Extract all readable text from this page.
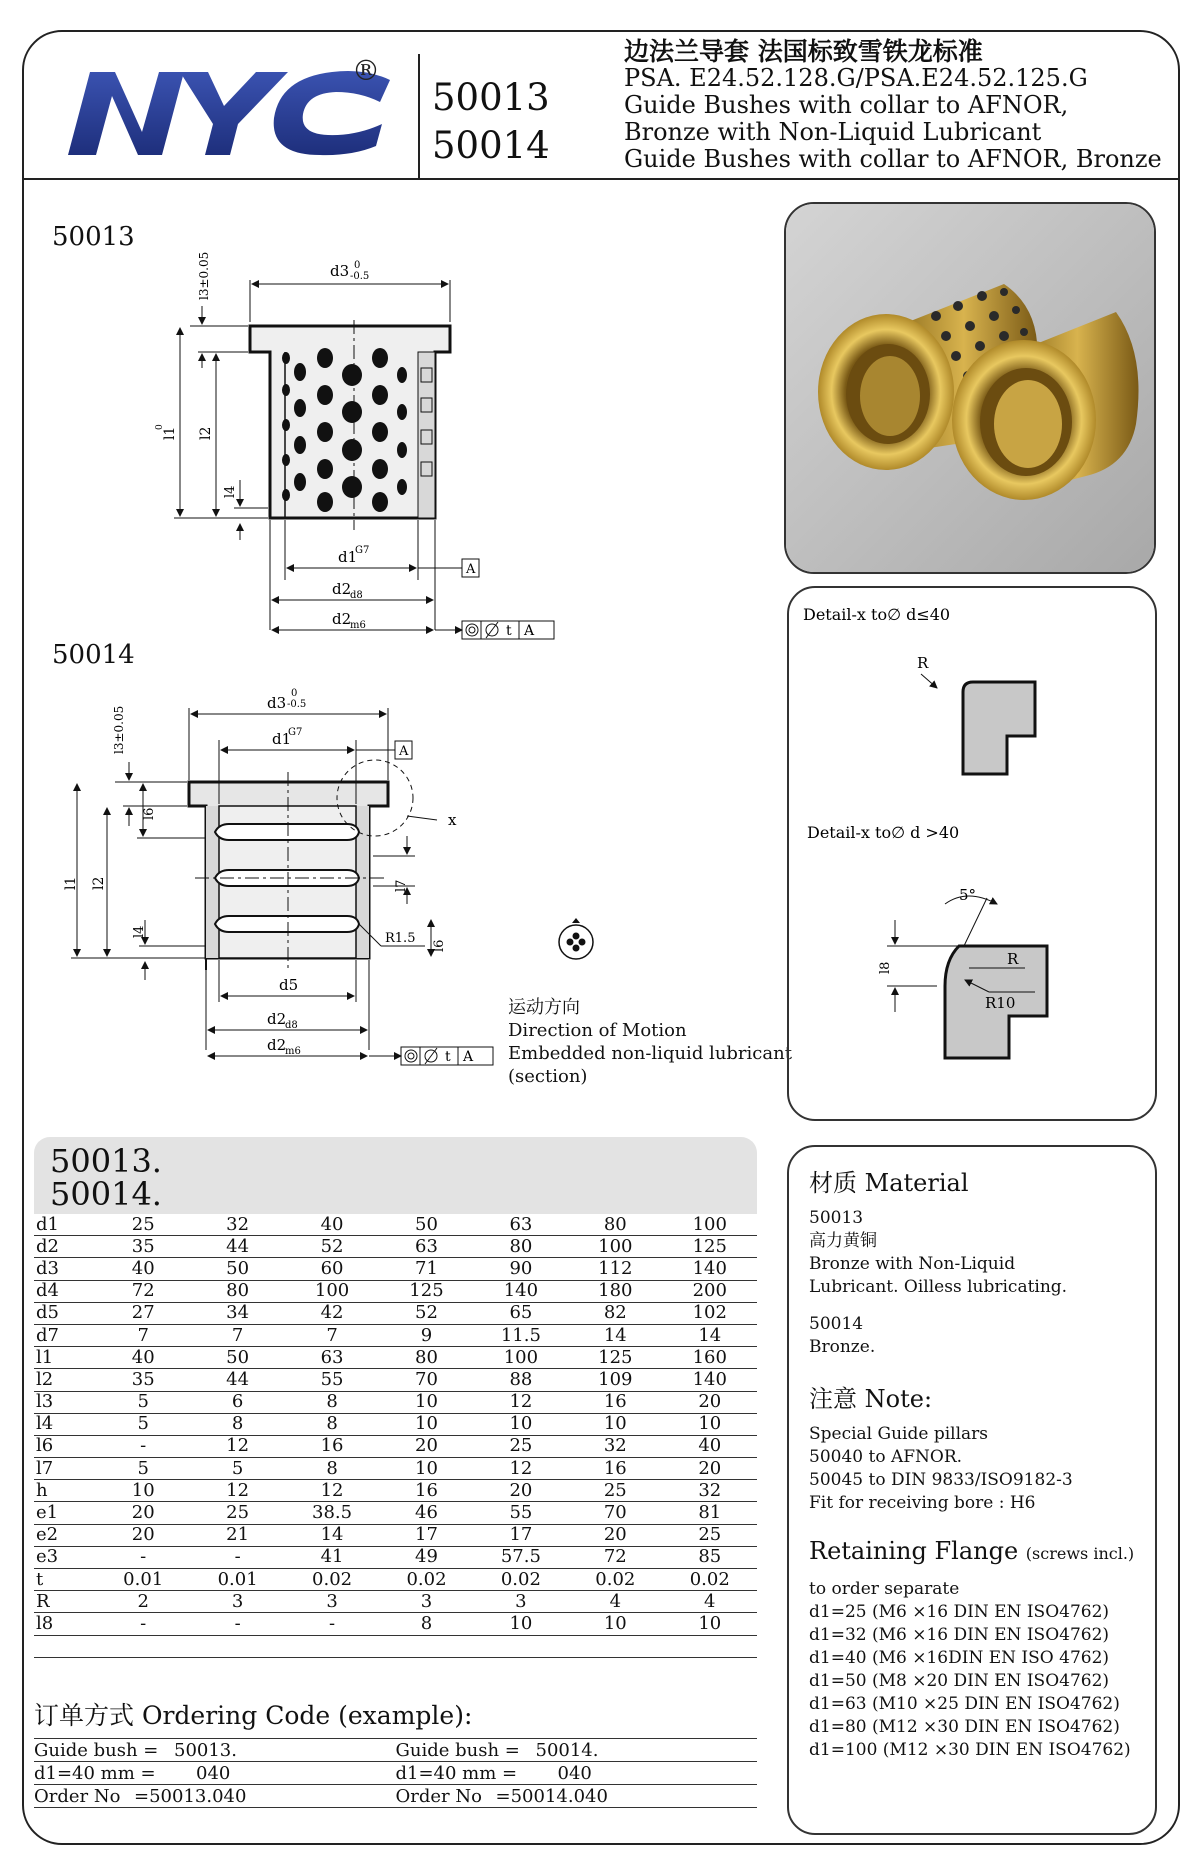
®
50013
50014
边法兰导套 法国标致雪铁龙标准
PSA. E24.52.128.G/PSA.E24.52.125.G
Guide Bushes with collar to AFNOR,
Bronze with Non-Liquid Lubricant
Guide Bushes with collar to AFNOR, Bronze
50013
50014
d3 0
-0.5
l3±0.05
l1
0 l2
l4
d1
G7
A
d2
d8
d2
m6	t A
x
d3
0
-0.5
d1
G7
A
l3±0.05
l6
l1 l2
l4
l7
R1.5 l6
d5
d2
d8
d2
m6	t A
运动方向
Direction of Motion
Embedded non-liquid lubricant
(section)
Detail-x to∅ d≤40
R
Detail-x to∅ d >40
5°
l8	R
R10
材质 Material
50013
高力黄铜
Bronze with Non-Liquid
Lubricant. Oilless lubricating.
50014
Bronze.
注意 Note:
Special Guide pillars
50040 to AFNOR.
50045 to DIN 9833/ISO9182-3
Fit for receiving bore : H6
Retaining Flange (screws incl.)
to order separate
d1=25 (M6 ×16 DIN EN ISO4762)
d1=32 (M6 ×16 DIN EN ISO4762)
d1=40 (M6 ×16DIN EN ISO 4762)
d1=50 (M8 ×20 DIN EN ISO4762)
d1=63 (M10 ×25 DIN EN ISO4762)
d1=80 (M12 ×30 DIN EN ISO4762)
d1=100 (M12 ×30 DIN EN ISO4762)
50013.
50014.
d1	25	32	40	50	63	80	100
d2	35	44	52	63	80	100	125
d3	40	50	60	71	90	112	140
d4	72	80	100	125	140	180	200
d5	27	34	42	52	65	82	102
d7	7	7	7	9	11.5	14	14
l1	40	50	63	80	100	125	160
l2	35	44	55	70	88	109	140
l3	5	6	8	10	12	16	20
l4	5	8	8	10	10	10	10
l6	-	12	16	20	25	32	40
l7	5	5	8	10	12	16	20
h	10	12	12	16	20	25	32
e1	20	25	38.5	46	55	70	81
e2	20	21	14	17	17	20	25
e3	-	-	41	49	57.5	72	85
t	0.01	0.01	0.02	0.02	0.02	0.02	0.02
R	2	3	3	3	3	4	4
l8	-	-	-	8	10	10	10

订单方式 Ordering Code (example):
Guide bush = 50013.	Guide bush = 50014.
d1=40 mm = 040	d1=40 mm = 040
Order No =50013.040	Order No =50014.040
